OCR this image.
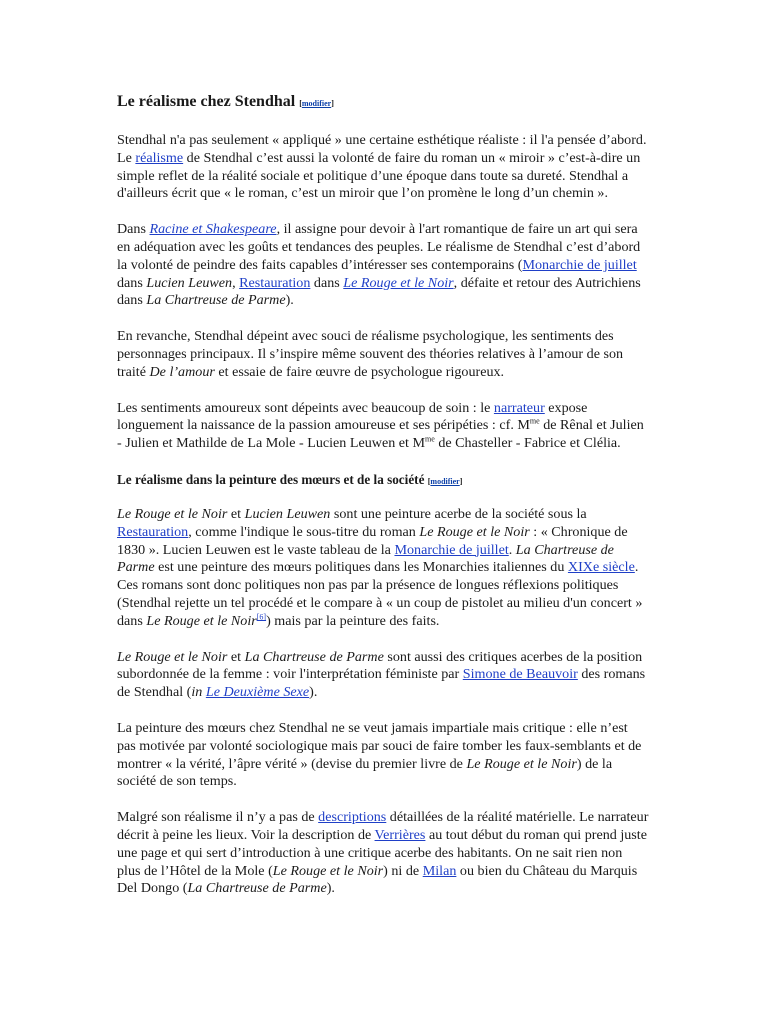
Le réalisme chez Stendhal [modifier]

Stendhal n'a pas seulement « appliqué » une certaine esthétique réaliste : il l'a pensée d’abord. Le réalisme de Stendhal c’est aussi la volonté de faire du roman un « miroir » c’est-à-dire un simple reflet de la réalité sociale et politique d’une époque dans toute sa dureté. Stendhal a d'ailleurs écrit que « le roman, c’est un miroir que l’on promène le long d’un chemin ».

Dans Racine et Shakespeare, il assigne pour devoir à l'art romantique de faire un art qui sera en adéquation avec les goûts et tendances des peuples. Le réalisme de Stendhal c’est d’abord la volonté de peindre des faits capables d’intéresser ses contemporains (Monarchie de juillet dans Lucien Leuwen, Restauration dans Le Rouge et le Noir, défaite et retour des Autrichiens dans La Chartreuse de Parme).

En revanche, Stendhal dépeint avec souci de réalisme psychologique, les sentiments des personnages principaux. Il s’inspire même souvent des théories relatives à l’amour de son traité De l’amour et essaie de faire œuvre de psychologue rigoureux.

Les sentiments amoureux sont dépeints avec beaucoup de soin : le narrateur expose longuement la naissance de la passion amoureuse et ses péripéties : cf. $M^{me}$ de Rênal et Julien - Julien et Mathilde de La Mole - Lucien Leuwen et $M^{me}$ de Chasteller - Fabrice et Clélia.

Le réalisme dans la peinture des mœurs et de la société [modifier]

Le Rouge et le Noir et Lucien Leuwen sont une peinture acerbe de la société sous la Restauration, comme l'indique le sous-titre du roman Le Rouge et le Noir : « Chronique de 1830 ». Lucien Leuwen est le vaste tableau de la Monarchie de juillet. La Chartreuse de Parme est une peinture des mœurs politiques dans les Monarchies italiennes du XIXe siècle. Ces romans sont donc politiques non pas par la présence de longues réflexions politiques (Stendhal rejette un tel procédé et le compare à « un coup de pistolet au milieu d'un concert » dans Le Rouge et le Noir[6]) mais par la peinture des faits.

Le Rouge et le Noir et La Chartreuse de Parme sont aussi des critiques acerbes de la position subordonnée de la femme : voir l'interprétation féministe par Simone de Beauvoir des romans de Stendhal (in Le Deuxième Sexe).

La peinture des mœurs chez Stendhal ne se veut jamais impartiale mais critique : elle n’est pas motivée par volonté sociologique mais par souci de faire tomber les faux-semblants et de montrer « la vérité, l’âpre vérité » (devise du premier livre de Le Rouge et le Noir) de la société de son temps.

Malgré son réalisme il n’y a pas de descriptions détaillées de la réalité matérielle. Le narrateur décrit à peine les lieux. Voir la description de Verrières au tout début du roman qui prend juste une page et qui sert d’introduction à une critique acerbe des habitants. On ne sait rien non plus de l’Hôtel de la Mole (Le Rouge et le Noir) ni de Milan ou bien du Château du Marquis Del Dongo (La Chartreuse de Parme).
